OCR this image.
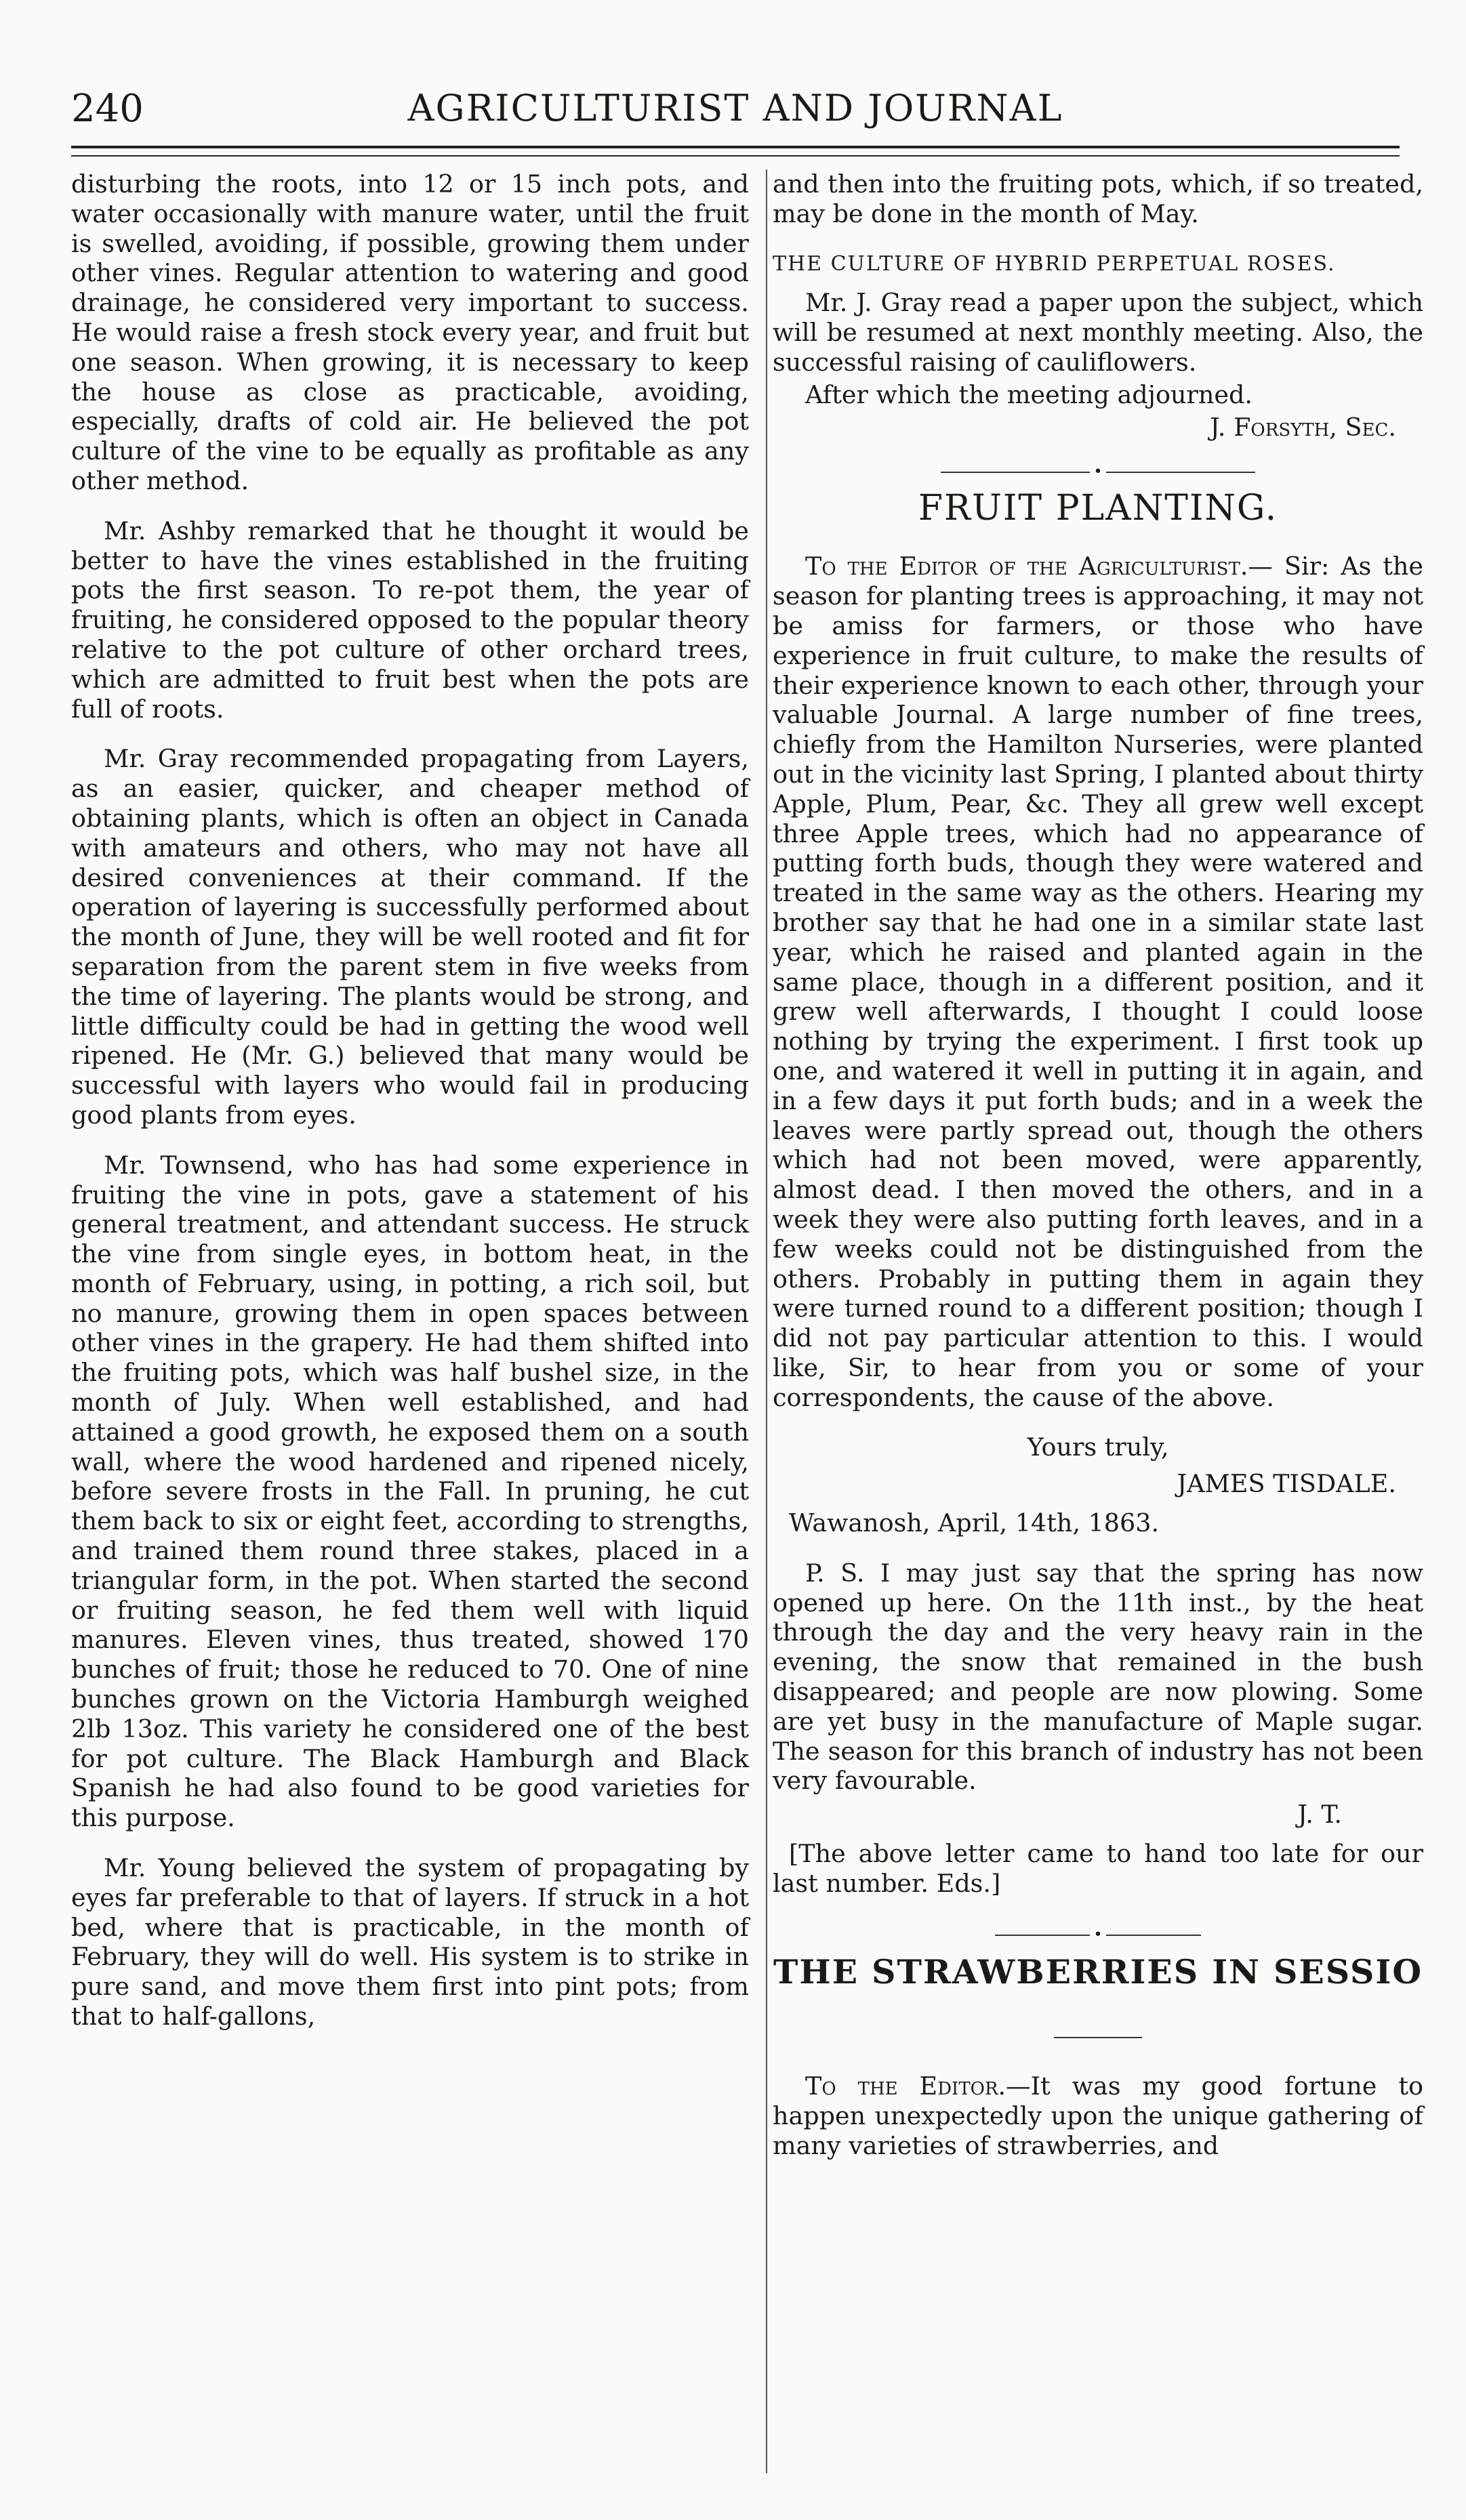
240	AGRICULTURIST AND JOURNAL

disturbing the roots, into 12 or 15 inch pots, and water occasionally with manure water, until the fruit is swelled, avoiding, if possible, growing them under other vines. Regular attention to watering and good drainage, he considered very important to success. He would raise a fresh stock every year, and fruit but one season. When growing, it is necessary to keep the house as close as practicable, avoiding, especially, drafts of cold air. He believed the pot culture of the vine to be equally as profitable as any other method.

Mr. Ashby remarked that he thought it would be better to have the vines established in the fruiting pots the first season. To re-pot them, the year of fruiting, he considered opposed to the popular theory relative to the pot culture of other orchard trees, which are admitted to fruit best when the pots are full of roots.

Mr. Gray recommended propagating from Layers, as an easier, quicker, and cheaper method of obtaining plants, which is often an object in Canada with amateurs and others, who may not have all desired conveniences at their command. If the operation of layering is successfully performed about the month of June, they will be well rooted and fit for separation from the parent stem in five weeks from the time of layering. The plants would be strong, and little difficulty could be had in getting the wood well ripened. He (Mr. G.) believed that many would be successful with layers who would fail in producing good plants from eyes.

Mr. Townsend, who has had some experience in fruiting the vine in pots, gave a statement of his general treatment, and attendant success. He struck the vine from single eyes, in bottom heat, in the month of February, using, in potting, a rich soil, but no manure, growing them in open spaces between other vines in the grapery. He had them shifted into the fruiting pots, which was half bushel size, in the month of July. When well established, and had attained a good growth, he exposed them on a south wall, where the wood hardened and ripened nicely, before severe frosts in the Fall. In pruning, he cut them back to six or eight feet, according to strengths, and trained them round three stakes, placed in a triangular form, in the pot. When started the second or fruiting season, he fed them well with liquid manures. Eleven vines, thus treated, showed 170 bunches of fruit; those he reduced to 70. One of nine bunches grown on the Victoria Hamburgh weighed 2lb 13oz. This variety he considered one of the best for pot culture. The Black Hamburgh and Black Spanish he had also found to be good varieties for this purpose.

Mr. Young believed the system of propagating by eyes far preferable to that of layers. If struck in a hot bed, where that is practicable, in the month of February, they will do well. His system is to strike in pure sand, and move them first into pint pots; from that to half-gallons,

and then into the fruiting pots, which, if so treated, may be done in the month of May.

THE CULTURE OF HYBRID PERPETUAL ROSES.

Mr. J. Gray read a paper upon the subject, which will be resumed at next monthly meeting. Also, the successful raising of cauliflowers.

After which the meeting adjourned.

J. Forsyth, Sec.

•

FRUIT PLANTING.

To the Editor of the Agriculturist.— Sir: As the season for planting trees is approaching, it may not be amiss for farmers, or those who have experience in fruit culture, to make the results of their experience known to each other, through your valuable Journal. A large number of fine trees, chiefly from the Hamilton Nurseries, were planted out in the vicinity last Spring, I planted about thirty Apple, Plum, Pear, &c. They all grew well except three Apple trees, which had no appearance of putting forth buds, though they were watered and treated in the same way as the others. Hearing my brother say that he had one in a similar state last year, which he raised and planted again in the same place, though in a different position, and it grew well afterwards, I thought I could loose nothing by trying the experiment. I first took up one, and watered it well in putting it in again, and in a few days it put forth buds; and in a week the leaves were partly spread out, though the others which had not been moved, were apparently, almost dead. I then moved the others, and in a week they were also putting forth leaves, and in a few weeks could not be distinguished from the others. Probably in putting them in again they were turned round to a different position; though I did not pay particular attention to this. I would like, Sir, to hear from you or some of your correspondents, the cause of the above.

Yours truly,

JAMES TISDALE.

Wawanosh, April, 14th, 1863.

P. S. I may just say that the spring has now opened up here. On the 11th inst., by the heat through the day and the very heavy rain in the evening, the snow that remained in the bush disappeared; and people are now plowing. Some are yet busy in the manufacture of Maple sugar. The season for this branch of industry has not been very favourable.

J. T.

[The above letter came to hand too late for our last number. Eds.]

•

THE STRAWBERRIES IN SESSIO

To the Editor.—It was my good fortune to happen unexpectedly upon the unique gathering of many varieties of strawberries, and
